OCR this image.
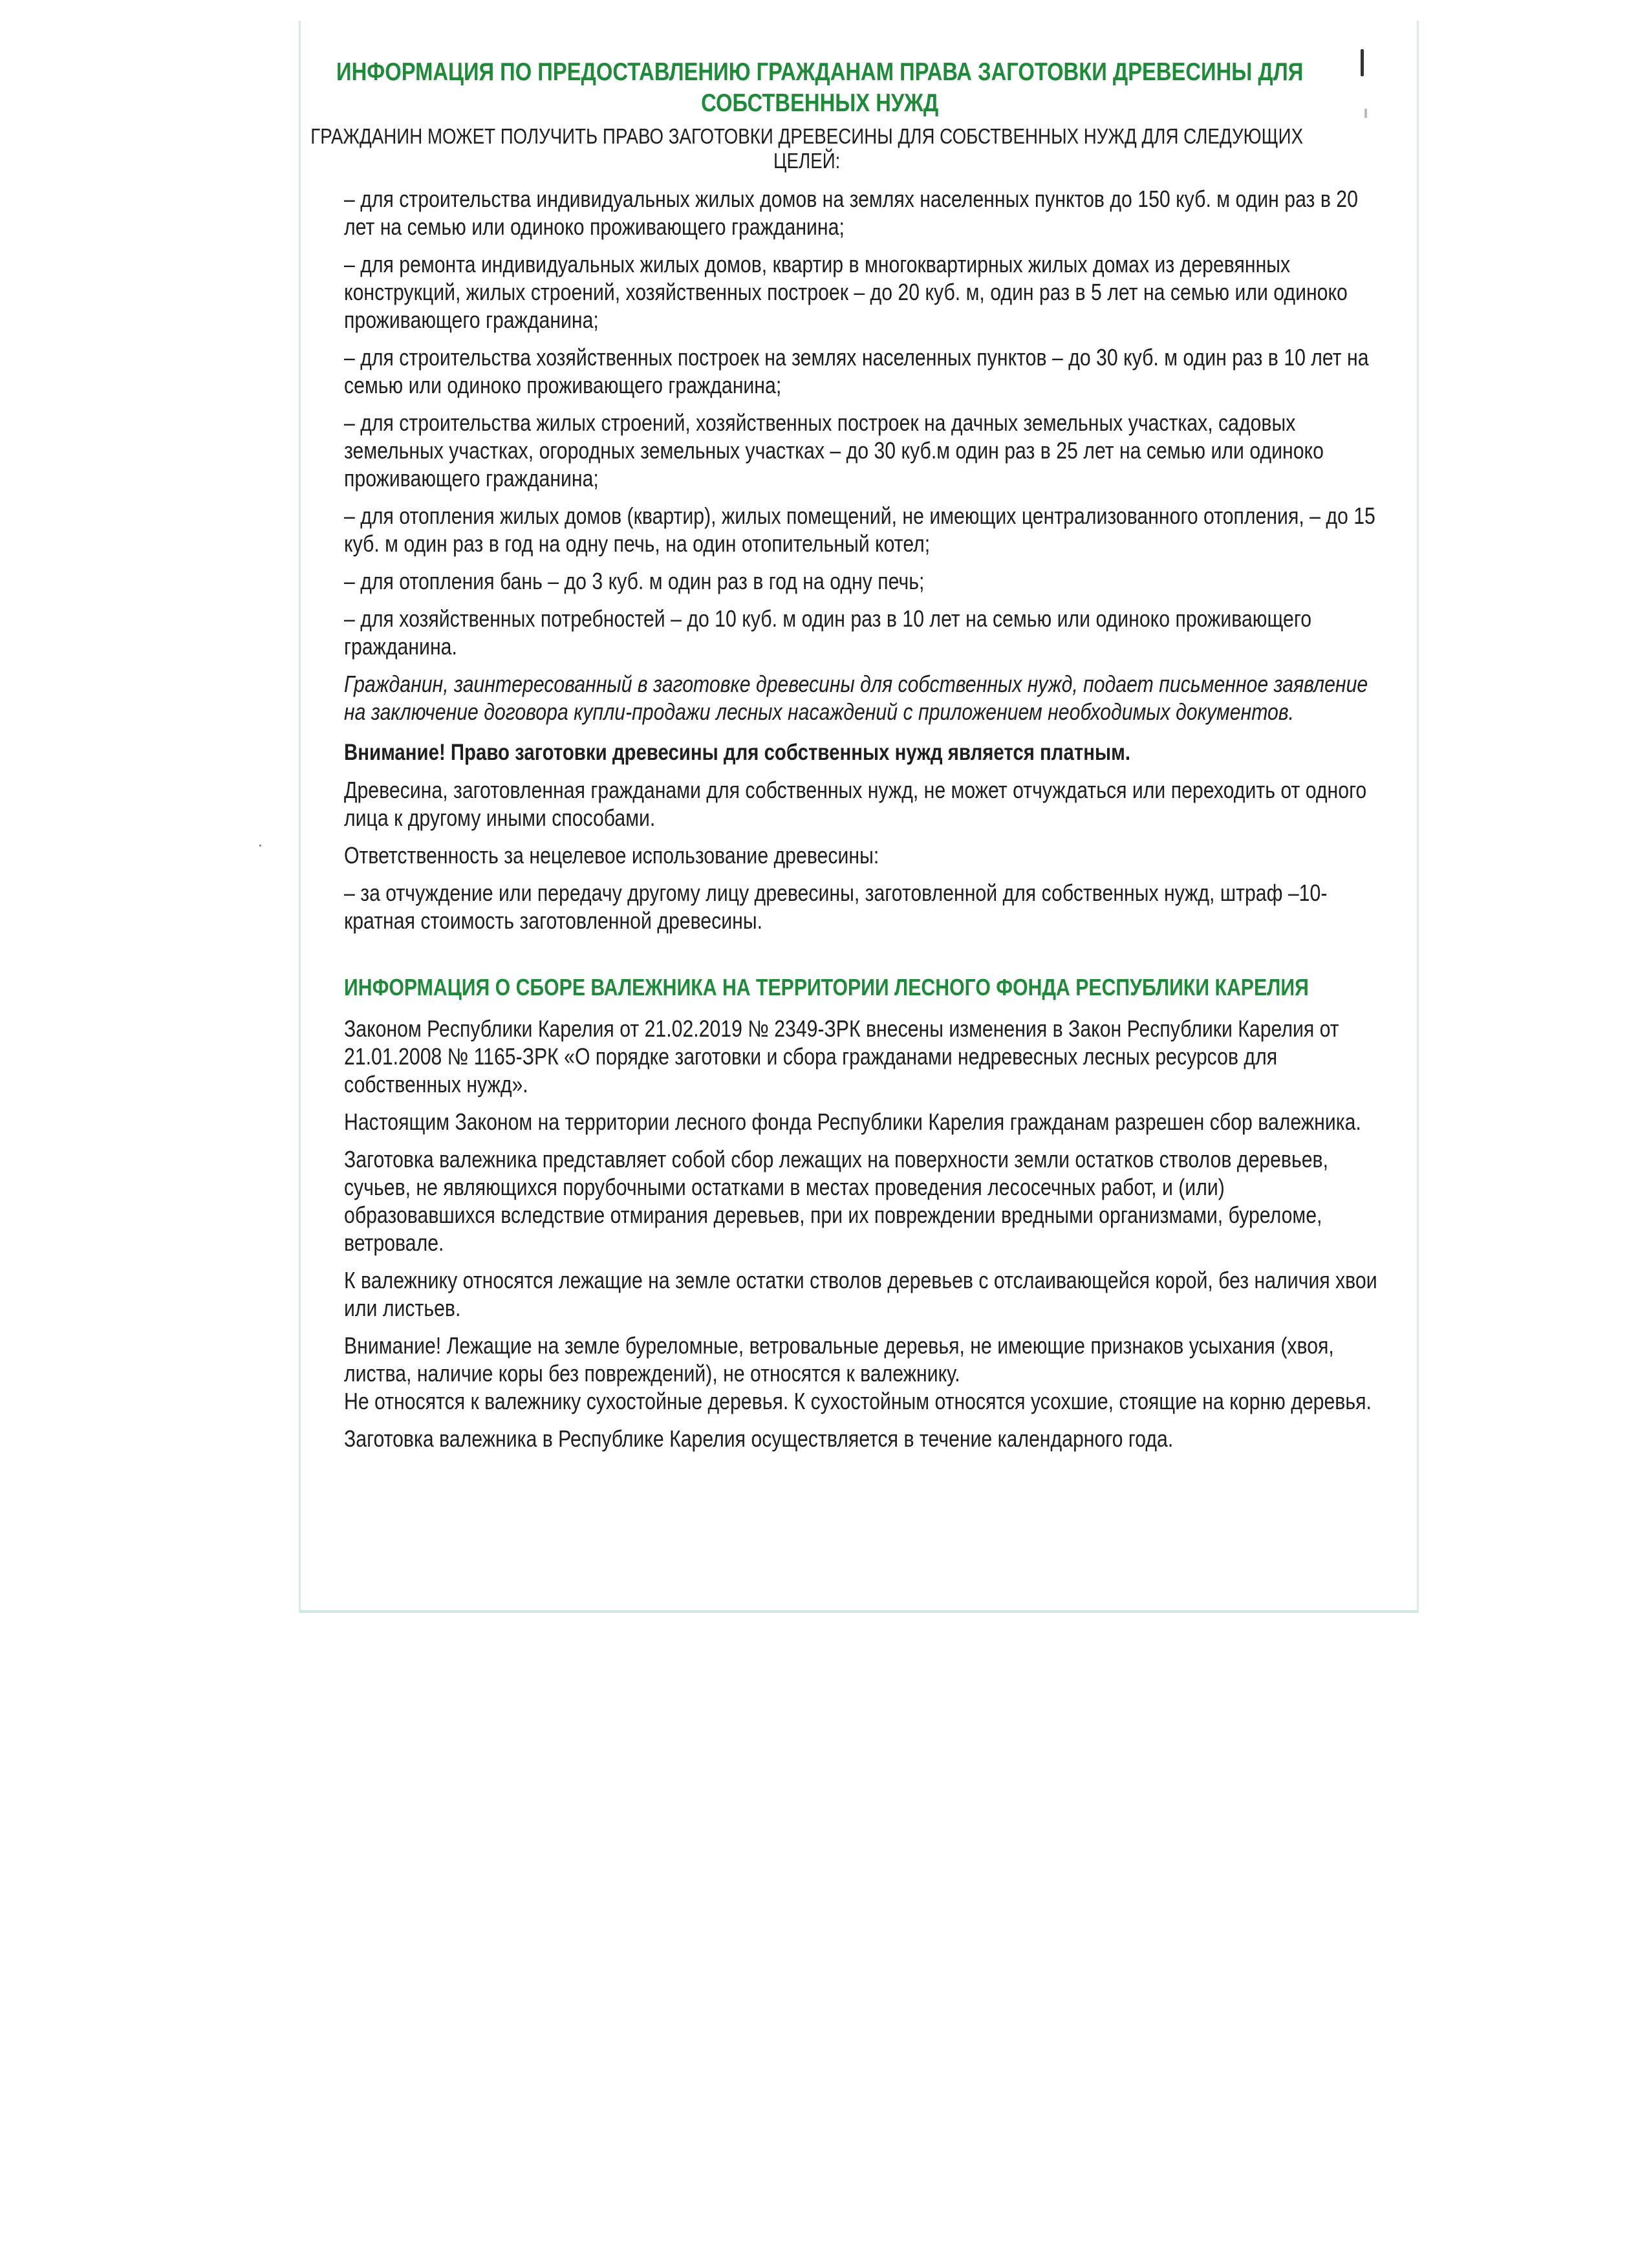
ИНФОРМАЦИЯ ПО ПРЕДОСТАВЛЕНИЮ ГРАЖДАНАМ ПРАВА ЗАГОТОВКИ ДРЕВЕСИНЫ ДЛЯ СОБСТВЕННЫХ НУЖД
ГРАЖДАНИН МОЖЕТ ПОЛУЧИТЬ ПРАВО ЗАГОТОВКИ ДРЕВЕСИНЫ ДЛЯ СОБСТВЕННЫХ НУЖД ДЛЯ СЛЕДУЮЩИХ ЦЕЛЕЙ:

– для строительства индивидуальных жилых домов на землях населенных пунктов до 150 куб. м один раз в 20 лет на семью или одиноко проживающего гражданина;

– для ремонта индивидуальных жилых домов, квартир в многоквартирных жилых домах из деревянных конструкций, жилых строений, хозяйственных построек – до 20 куб. м, один раз в 5 лет на семью или одиноко проживающего гражданина;

– для строительства хозяйственных построек на землях населенных пунктов – до 30 куб. м один раз в 10 лет на семью или одиноко проживающего гражданина;

– для строительства жилых строений, хозяйственных построек на дачных земельных участках, садовых земельных участках, огородных земельных участках – до 30 куб.м один раз в 25 лет на семью или одиноко проживающего гражданина;

– для отопления жилых домов (квартир), жилых помещений, не имеющих централизованного отопления, – до 15 куб. м один раз в год на одну печь, на один отопительный котел;

– для отопления бань – до 3 куб. м один раз в год на одну печь;

– для хозяйственных потребностей – до 10 куб. м один раз в 10 лет на семью или одиноко проживающего гражданина.

Гражданин, заинтересованный в заготовке древесины для собственных нужд, подает письменное заявление на заключение договора купли-продажи лесных насаждений с приложением необходимых документов.

Внимание! Право заготовки древесины для собственных нужд является платным.

Древесина, заготовленная гражданами для собственных нужд, не может отчуждаться или переходить от одного лица к другому иными способами.

Ответственность за нецелевое использование древесины:

– за отчуждение или передачу другому лицу древесины, заготовленной для собственных нужд, штраф –10-кратная стоимость заготовленной древесины.

ИНФОРМАЦИЯ О СБОРЕ ВАЛЕЖНИКА НА ТЕРРИТОРИИ ЛЕСНОГО ФОНДА РЕСПУБЛИКИ КАРЕЛИЯ

Законом Республики Карелия от 21.02.2019 № 2349-ЗРК внесены изменения в Закон Республики Карелия от 21.01.2008 № 1165-ЗРК «О порядке заготовки и сбора гражданами недревесных лесных ресурсов для собственных нужд».

Настоящим Законом на территории лесного фонда Республики Карелия гражданам разрешен сбор валежника.

Заготовка валежника представляет собой сбор лежащих на поверхности земли остатков стволов деревьев, сучьев, не являющихся порубочными остатками в местах проведения лесосечных работ, и (или) образовавшихся вследствие отмирания деревьев, при их повреждении вредными организмами, буреломе, ветровале.

К валежнику относятся лежащие на земле остатки стволов деревьев с отслаивающейся корой, без наличия хвои или листьев.

Внимание! Лежащие на земле буреломные, ветровальные деревья, не имеющие признаков усыхания (хвоя, листва, наличие коры без повреждений), не относятся к валежнику.

Не относятся к валежнику сухостойные деревья. К сухостойным относятся усохшие, стоящие на корню деревья.

Заготовка валежника в Республике Карелия осуществляется в течение календарного года.
